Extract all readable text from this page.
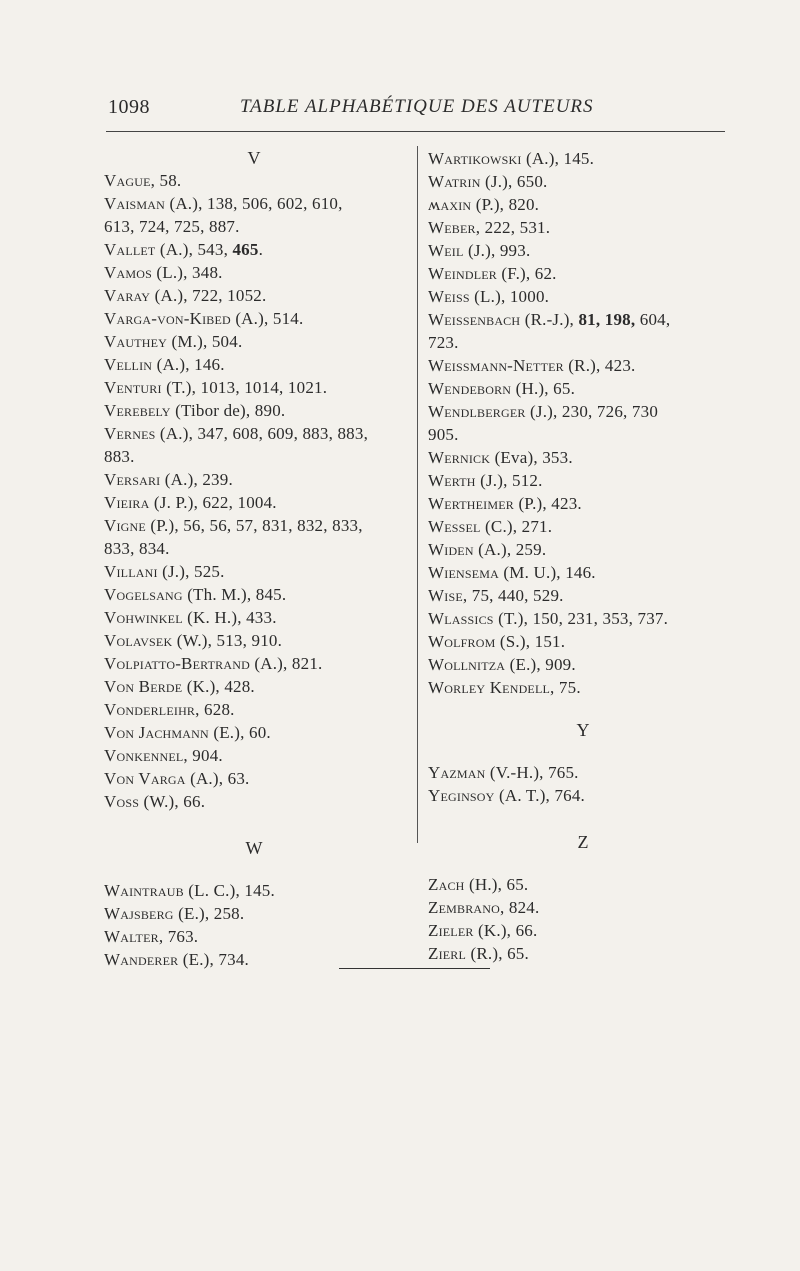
1098	TABLE ALPHABÉTIQUE DES AUTEURS

V

Vague, 58.

Vaisman (A.), 138, 506, 602, 610,

613, 724, 725, 887.

Vallet (A.), 543, 465.

Vamos (L.), 348.

Varay (A.), 722, 1052.

Varga-von-Kibed (A.), 514.

Vauthey (M.), 504.

Vellin (A.), 146.

Venturi (T.), 1013, 1014, 1021.

Verebely (Tibor de), 890.

Vernes (A.), 347, 608, 609, 883, 883,

883.

Versari (A.), 239.

Vieira (J. P.), 622, 1004.

Vigne (P.), 56, 56, 57, 831, 832, 833,

833, 834.

Villani (J.), 525.

Vogelsang (Th. M.), 845.

Vohwinkel (K. H.), 433.

Volavsek (W.), 513, 910.

Volpiatto-Bertrand (A.), 821.

Von Berde (K.), 428.

Vonderleihr, 628.

Von Jachmann (E.), 60.

Vonkennel, 904.

Von Varga (A.), 63.

Voss (W.), 66.

W

Waintraub (L. C.), 145.

Wajsberg (E.), 258.

Walter, 763.

Wanderer (E.), 734.

Wartikowski (A.), 145.

Watrin (J.), 650.

ʍaxin (P.), 820.

Weber, 222, 531.

Weil (J.), 993.

Weindler (F.), 62.

Weiss (L.), 1000.

Weissenbach (R.-J.), 81, 198, 604,

723.

Weissmann-Netter (R.), 423.

Wendeborn (H.), 65.

Wendlberger (J.), 230, 726, 730

905.

Wernick (Eva), 353.

Werth (J.), 512.

Wertheimer (P.), 423.

Wessel (C.), 271.

Widen (A.), 259.

Wiensema (M. U.), 146.

Wise, 75, 440, 529.

Wlassics (T.), 150, 231, 353, 737.

Wolfrom (S.), 151.

Wollnitza (E.), 909.

Worley Kendell, 75.

Y

Yazman (V.-H.), 765.

Yeginsoy (A. T.), 764.

Z

Zach (H.), 65.

Zembrano, 824.

Zieler (K.), 66.

Zierl (R.), 65.
